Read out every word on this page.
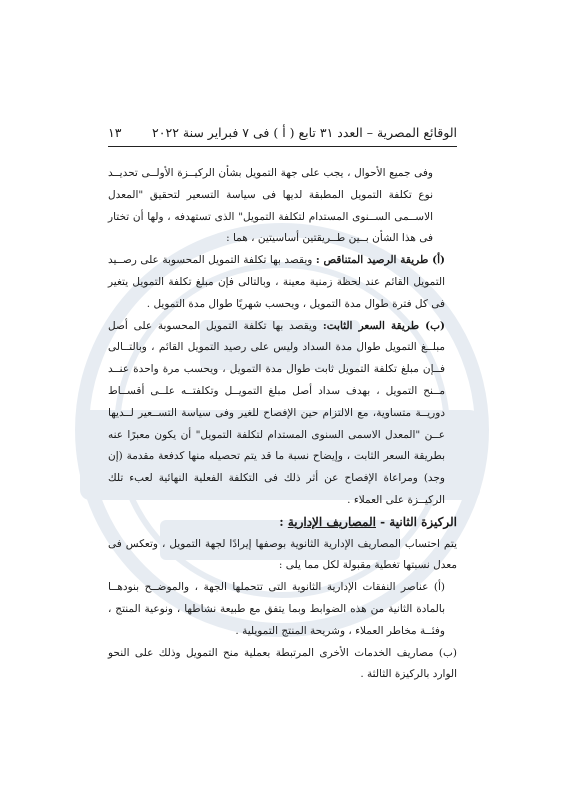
الوقائع المصرية – العدد ٣١ تابع ( أ ) فى ٧ فبراير سنة ٢٠٢٢
١٣

وفى جميع الأحوال ، يجب على جهة التمويل بشأن الركيــزة الأولــى تحديــد نوع تكلفة التمويل المطبقة لديها فى سياسة التسعير لتحقيق "المعدل الاســمى الســنوى المستدام لتكلفة التمويل" الذى تستهدفه ، ولها أن تختار فى هذا الشأن بــين طــريقتين أساسيتين ، هما :

(أ) طريقة الرصيد المتناقص : ويقصد بها تكلفة التمويل المحسوبة على رصــيد التمويل القائم عند لحظة زمنية معينة ، وبالتالى فإن مبلغ تكلفة التمويل يتغير فى كل فترة طوال مدة التمويل ، ويحسب شهريًا طوال مدة التمويل .

(ب) طريقة السعر الثابت: ويقصد بها تكلفة التمويل المحسوبة على أصل مبلــغ التمويل طوال مدة السداد وليس على رصيد التمويل القائم ، وبالتــالى فــإن مبلغ تكلفة التمويل ثابت طوال مدة التمويل ، ويحسب مرة واحدة عنــد مــنح التمويل ، بهدف سداد أصل مبلغ التمويــل وتكلفتــه علــى أقســاط دوريــة متساوية، مع الالتزام حين الإفصاح للغير وفى سياسة التســعير لــديها عــن "المعدل الاسمى السنوى المستدام لتكلفة التمويل" أن يكون معبرًا عنه بطريقة السعر الثابت ، وإيضاح نسبة ما قد يتم تحصيله منها كدفعة مقدمة (إن وجد) ومراعاة الإفصاح عن أثر ذلك فى التكلفة الفعلية النهائية لعبء تلك الركيــزة على العملاء .

الركيزة الثانية - المصاريف الإدارية :

يتم احتساب المصاريف الإدارية الثانوية بوصفها إيرادًا لجهة التمويل ، وتعكس فى معدل نسبتها تغطية مقبولة لكل مما يلى :

(أ) عناصر النفقات الإدارية الثانوية التى تتحملها الجهة ، والموضــح بنودهــا بالمادة الثانية من هذه الضوابط وبما يتفق مع طبيعة نشاطها ، ونوعية المنتج ، وفئــة مخاطر العملاء ، وشريحة المنتج التمويلية .

(ب) مصاريف الخدمات الأخرى المرتبطة بعملية منح التمويل وذلك على النحو الوارد بالركيزة الثالثة .
